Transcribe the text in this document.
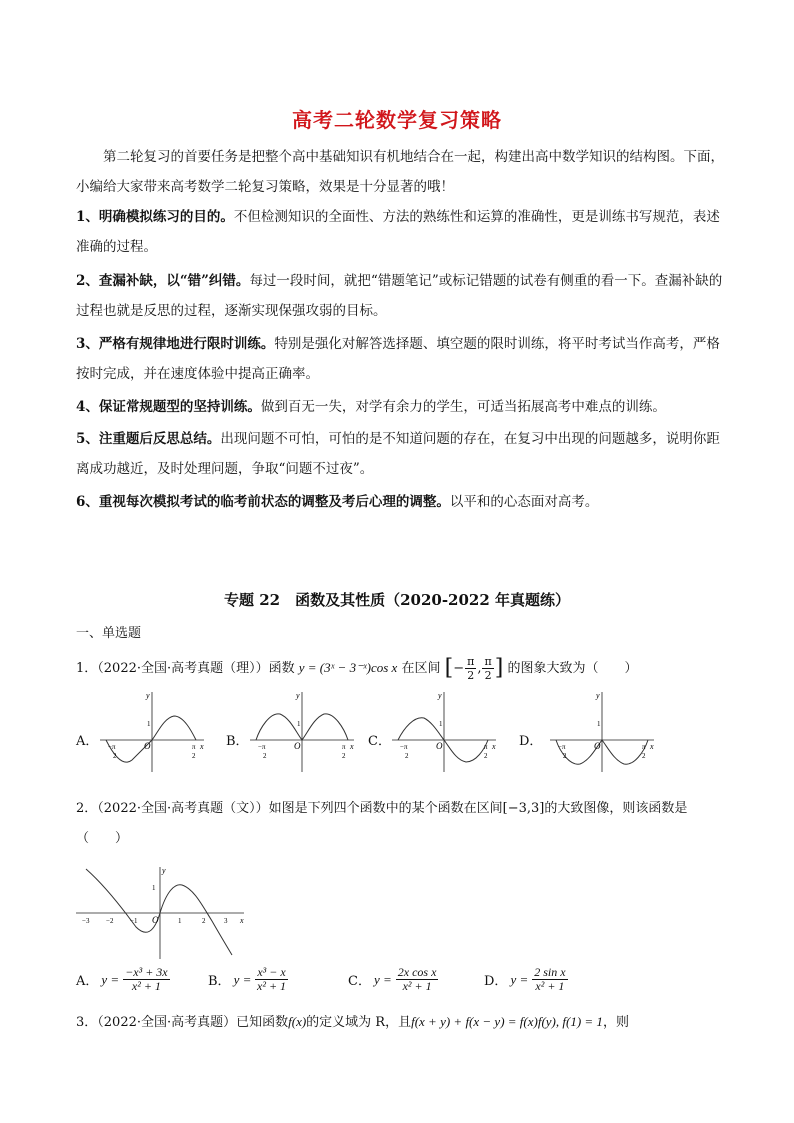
高考二轮数学复习策略
第二轮复习的首要任务是把整个高中基础知识有机地结合在一起，构建出高中数学知识的结构图。下面，小编给大家带来高考数学二轮复习策略，效果是十分显著的哦！
1、明确模拟练习的目的。不但检测知识的全面性、方法的熟练性和运算的准确性，更是训练书写规范，表述准确的过程。
2、查漏补缺，以“错”纠错。每过一段时间，就把“错题笔记”或标记错题的试卷有侧重的看一下。查漏补缺的过程也就是反思的过程，逐渐实现保强攻弱的目标。
3、严格有规律地进行限时训练。特别是强化对解答选择题、填空题的限时训练，将平时考试当作高考，严格按时完成，并在速度体验中提高正确率。
4、保证常规题型的坚持训练。做到百无一失，对学有余力的学生，可适当拓展高考中难点的训练。
5、注重题后反思总结。出现问题不可怕，可怕的是不知道问题的存在，在复习中出现的问题越多，说明你距离成功越近，及时处理问题，争取“问题不过夜”。
6、重视每次模拟考试的临考前状态的调整及考后心理的调整。以平和的心态面对高考。
专题 22　函数及其性质（2020-2022 年真题练）
一、单选题
1．（2022·全国·高考真题（理））函数 y = (3ˣ − 3⁻ˣ)cos x 在区间 [− $\frac{\pi}{2}$ , $\frac{\pi}{2}$ ] 的图象大致为（　　）
A．
y
x
O
1
−π
2
π
2
B．
y
x
O
1
−π
2
π
2
C．
y
x
O
1
−π
2
π
2
D．
y
x
O
1
−π
2
π
2
2．（2022·全国·高考真题（文））如图是下列四个函数中的某个函数在区间[−3,3]的大致图像，则该函数是
（　　）
y
x
O
1
−3 −2 −1	1	2	3
A． $y = \frac{\text{−x³ + 3x}}{\text{x² + 1}}$	B． $y = \frac{\text{x³ − x}}{\text{x² + 1}}$	C． $y = \frac{\text{2x cos x}}{\text{x² + 1}}$	D． $y = \frac{\text{2 sin x}}{\text{x² + 1}}$
3．（2022·全国·高考真题）已知函数f(x)的定义域为 R，且f(x + y) + f(x − y) = f(x)f(y), f(1) = 1，则
